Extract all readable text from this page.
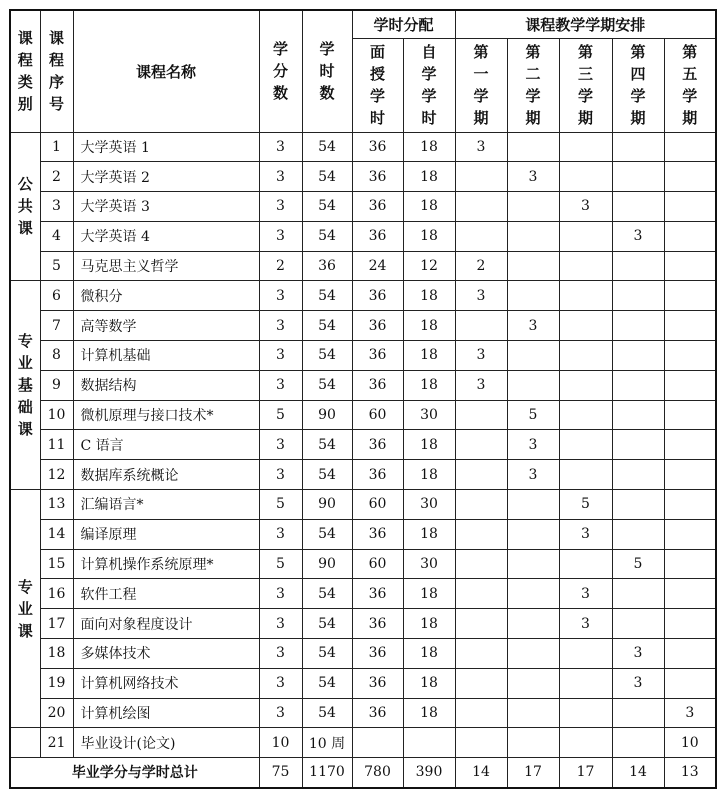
课程类别	课程序号	课程名称	学分数	学时数	学时分配		课程教学学期安排				

					面授学时	自学学时	第一学期	第二学期	第三学期	第四学期	第五学期

公共课	1	大学英语 1	3	54	36	18	3				
	2	大学英语 2	3	54	36	18		3			
	3	大学英语 3	3	54	36	18			3		
	4	大学英语 4	3	54	36	18				3	
	5	马克思主义哲学	2	36	24	12	2				

专业基础课	6	微积分	3	54	36	18	3				
	7	高等数学	3	54	36	18		3			
	8	计算机基础	3	54	36	18	3				
	9	数据结构	3	54	36	18	3				
	10	微机原理与接口技术*	5	90	60	30		5			
	11	C 语言	3	54	36	18		3			
	12	数据库系统概论	3	54	36	18		3			

专业课	13	汇编语言*	5	90	60	30			5		
	14	编译原理	3	54	36	18			3		
	15	计算机操作系统原理*	5	90	60	30				5	
	16	软件工程	3	54	36	18			3		
	17	面向对象程度设计	3	54	36	18			3		
	18	多媒体技术	3	54	36	18				3	
	19	计算机网络技术	3	54	36	18				3	
	20	计算机绘图	3	54	36	18					3
	21	毕业设计(论文)	10	10 周							10
毕业学分与学时总计			75	1170	780	390	14	17	17	14	13
